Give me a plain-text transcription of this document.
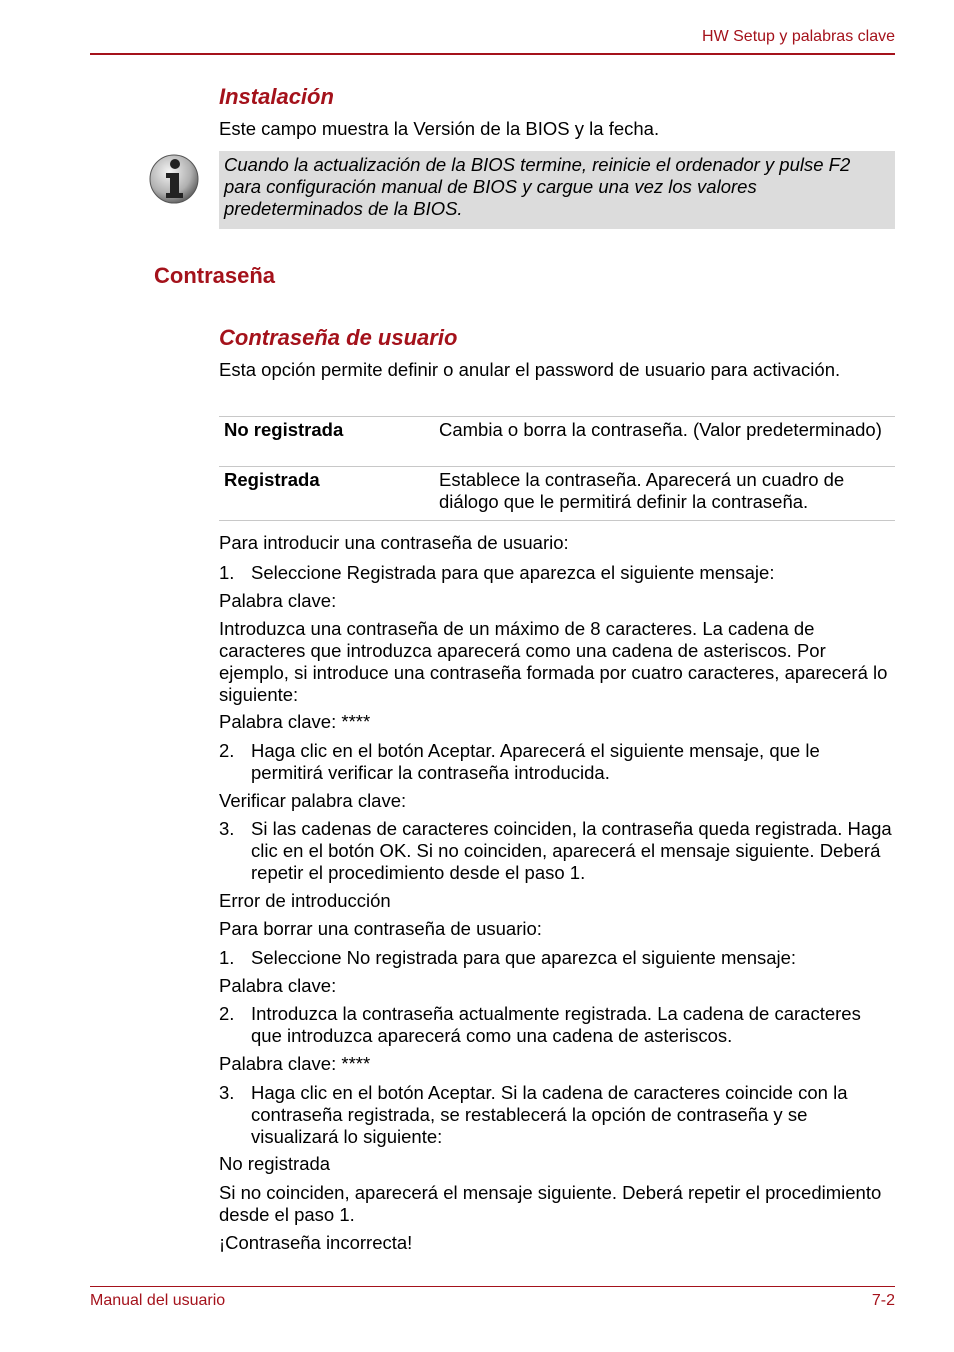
HW Setup y palabras clave
Instalación
Este campo muestra la Versión de la BIOS y la fecha.
Cuando la actualización de la BIOS termine, reinicie el ordenador y pulse F2 para configuración manual de BIOS y cargue una vez los valores predeterminados de la BIOS.
Contraseña
Contraseña de usuario
Esta opción permite definir o anular el password de usuario para activación.
No registrada	Cambia o borra la contraseña. (Valor predeterminado)
Registrada	Establece la contraseña. Aparecerá un cuadro de diálogo que le permitirá definir la contraseña.
Para introducir una contraseña de usuario:
1. Seleccione Registrada para que aparezca el siguiente mensaje:
Palabra clave:
Introduzca una contraseña de un máximo de 8 caracteres. La cadena de caracteres que introduzca aparecerá como una cadena de asteriscos. Por ejemplo, si introduce una contraseña formada por cuatro caracteres, aparecerá lo siguiente:
Palabra clave: ****
2. Haga clic en el botón Aceptar. Aparecerá el siguiente mensaje, que le permitirá verificar la contraseña introducida.
Verificar palabra clave:
3. Si las cadenas de caracteres coinciden, la contraseña queda registrada. Haga clic en el botón OK. Si no coinciden, aparecerá el mensaje siguiente. Deberá repetir el procedimiento desde el paso 1.
Error de introducción
Para borrar una contraseña de usuario:
1. Seleccione No registrada para que aparezca el siguiente mensaje:
Palabra clave:
2. Introduzca la contraseña actualmente registrada. La cadena de caracteres que introduzca aparecerá como una cadena de asteriscos.
Palabra clave: ****
3. Haga clic en el botón Aceptar. Si la cadena de caracteres coincide con la contraseña registrada, se restablecerá la opción de contraseña y se visualizará lo siguiente:
No registrada
Si no coinciden, aparecerá el mensaje siguiente. Deberá repetir el procedimiento desde el paso 1.
¡Contraseña incorrecta!
Manual del usuario	7-2
